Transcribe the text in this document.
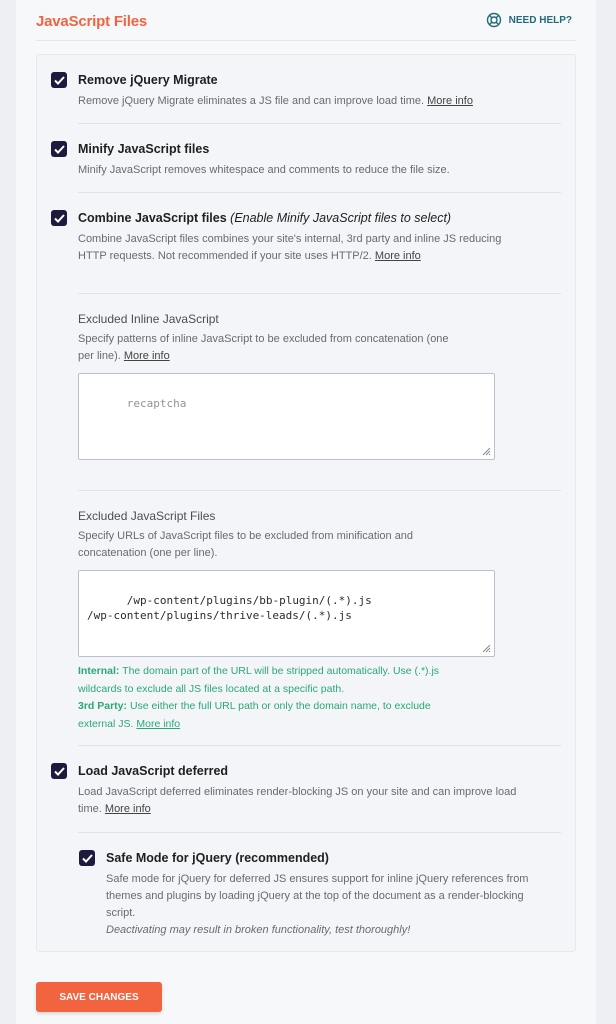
JavaScript Files	NEED HELP?
Remove jQuery Migrate
Remove jQuery Migrate eliminates a JS file and can improve load time. More info
Minify JavaScript files
Minify JavaScript removes whitespace and comments to reduce the file size.
Combine JavaScript files (Enable Minify JavaScript files to select)
Combine JavaScript files combines your site's internal, 3rd party and inline JS reducing
HTTP requests. Not recommended if your site uses HTTP/2. More info
Excluded Inline JavaScript
Specify patterns of inline JavaScript to be excluded from concatenation (one
per line). More info

recaptcha

Excluded JavaScript Files
Specify URLs of JavaScript files to be excluded from minification and
concatenation (one per line).

/wp-content/plugins/bb-plugin/(.*).js
/wp-content/plugins/thrive-leads/(.*).js

Internal: The domain part of the URL will be stripped automatically. Use (.*).js
wildcards to exclude all JS files located at a specific path.
3rd Party: Use either the full URL path or only the domain name, to exclude
external JS. More info
Load JavaScript deferred
Load JavaScript deferred eliminates render-blocking JS on your site and can improve load
time. More info
Safe Mode for jQuery (recommended)
Safe mode for jQuery for deferred JS ensures support for inline jQuery references from
themes and plugins by loading jQuery at the top of the document as a render-blocking
script.
Deactivating may result in broken functionality, test thoroughly!
SAVE CHANGES
